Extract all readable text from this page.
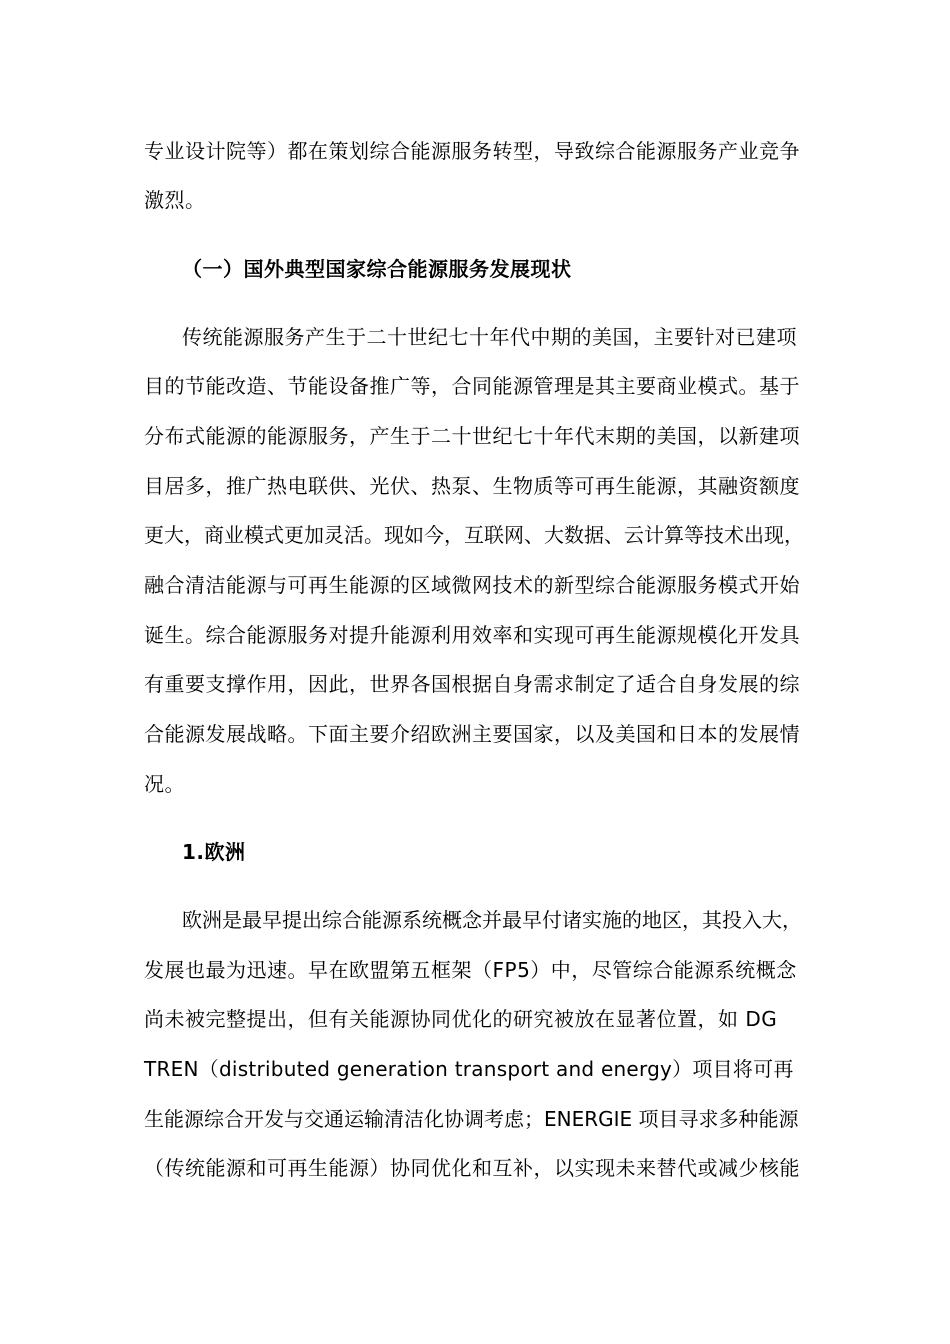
专业设计院等）都在策划综合能源服务转型，导致综合能源服务产业竞争
激烈。
（一）国外典型国家综合能源服务发展现状
传统能源服务产生于二十世纪七十年代中期的美国，主要针对已建项
目的节能改造、节能设备推广等，合同能源管理是其主要商业模式。基于
分布式能源的能源服务，产生于二十世纪七十年代末期的美国，以新建项
目居多，推广热电联供、光伏、热泵、生物质等可再生能源，其融资额度
更大，商业模式更加灵活。现如今，互联网、大数据、云计算等技术出现，
融合清洁能源与可再生能源的区域微网技术的新型综合能源服务模式开始
诞生。综合能源服务对提升能源利用效率和实现可再生能源规模化开发具
有重要支撑作用，因此，世界各国根据自身需求制定了适合自身发展的综
合能源发展战略。下面主要介绍欧洲主要国家，以及美国和日本的发展情
况。
1.欧洲
欧洲是最早提出综合能源系统概念并最早付诸实施的地区，其投入大，
发展也最为迅速。早在欧盟第五框架（FP5）中，尽管综合能源系统概念
尚未被完整提出，但有关能源协同优化的研究被放在显著位置，如 DG
TREN（distributed generation transport and energy）项目将可再
生能源综合开发与交通运输清洁化协调考虑；ENERGIE 项目寻求多种能源
（传统能源和可再生能源）协同优化和互补，以实现未来替代或减少核能
